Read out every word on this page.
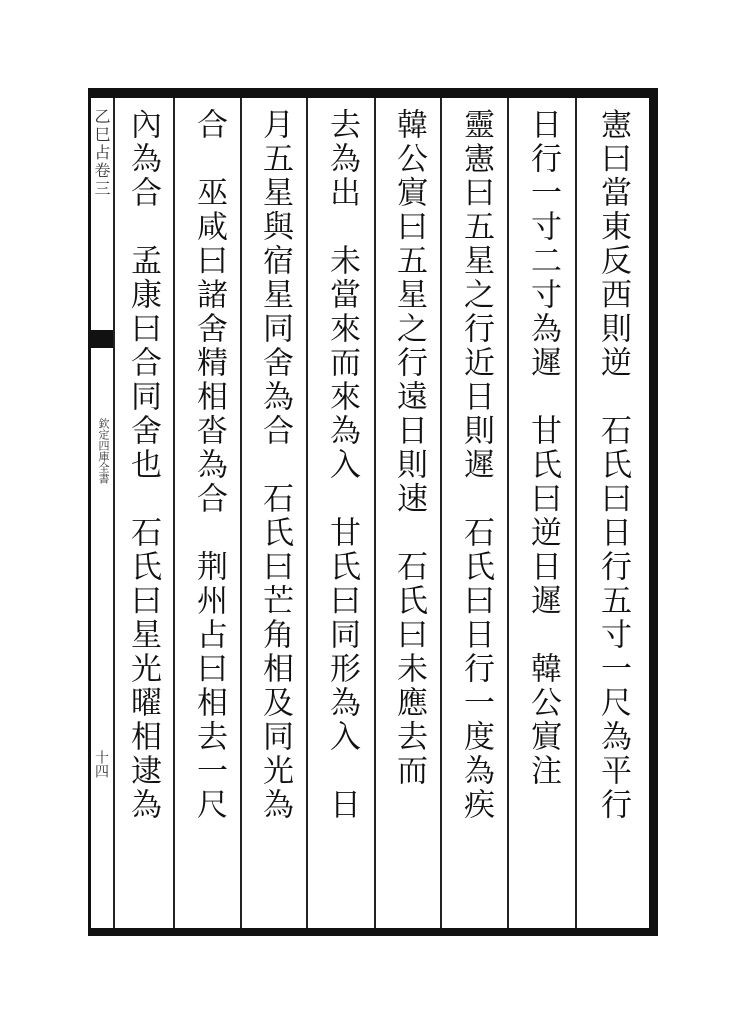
乙巳占卷三
欽定四庫全書
十四	憲曰當東反西則逆　石氏曰日行五寸一尺為平行
日行一寸二寸為遲　甘氏曰逆日遲　韓公賔注
靈憲曰五星之行近日則遲　石氏曰日行一度為疾
韓公賔曰五星之行遠日則速　石氏曰未應去而
去為出　未當來而來為入　甘氏曰同形為入　日
月五星與宿星同舍為合　石氏曰芒角相及同光為
合　巫咸曰諸舍精相沓為合　荆州占曰相去一尺
內為合　孟康曰合同舍也　石氏曰星光曜相逮為
